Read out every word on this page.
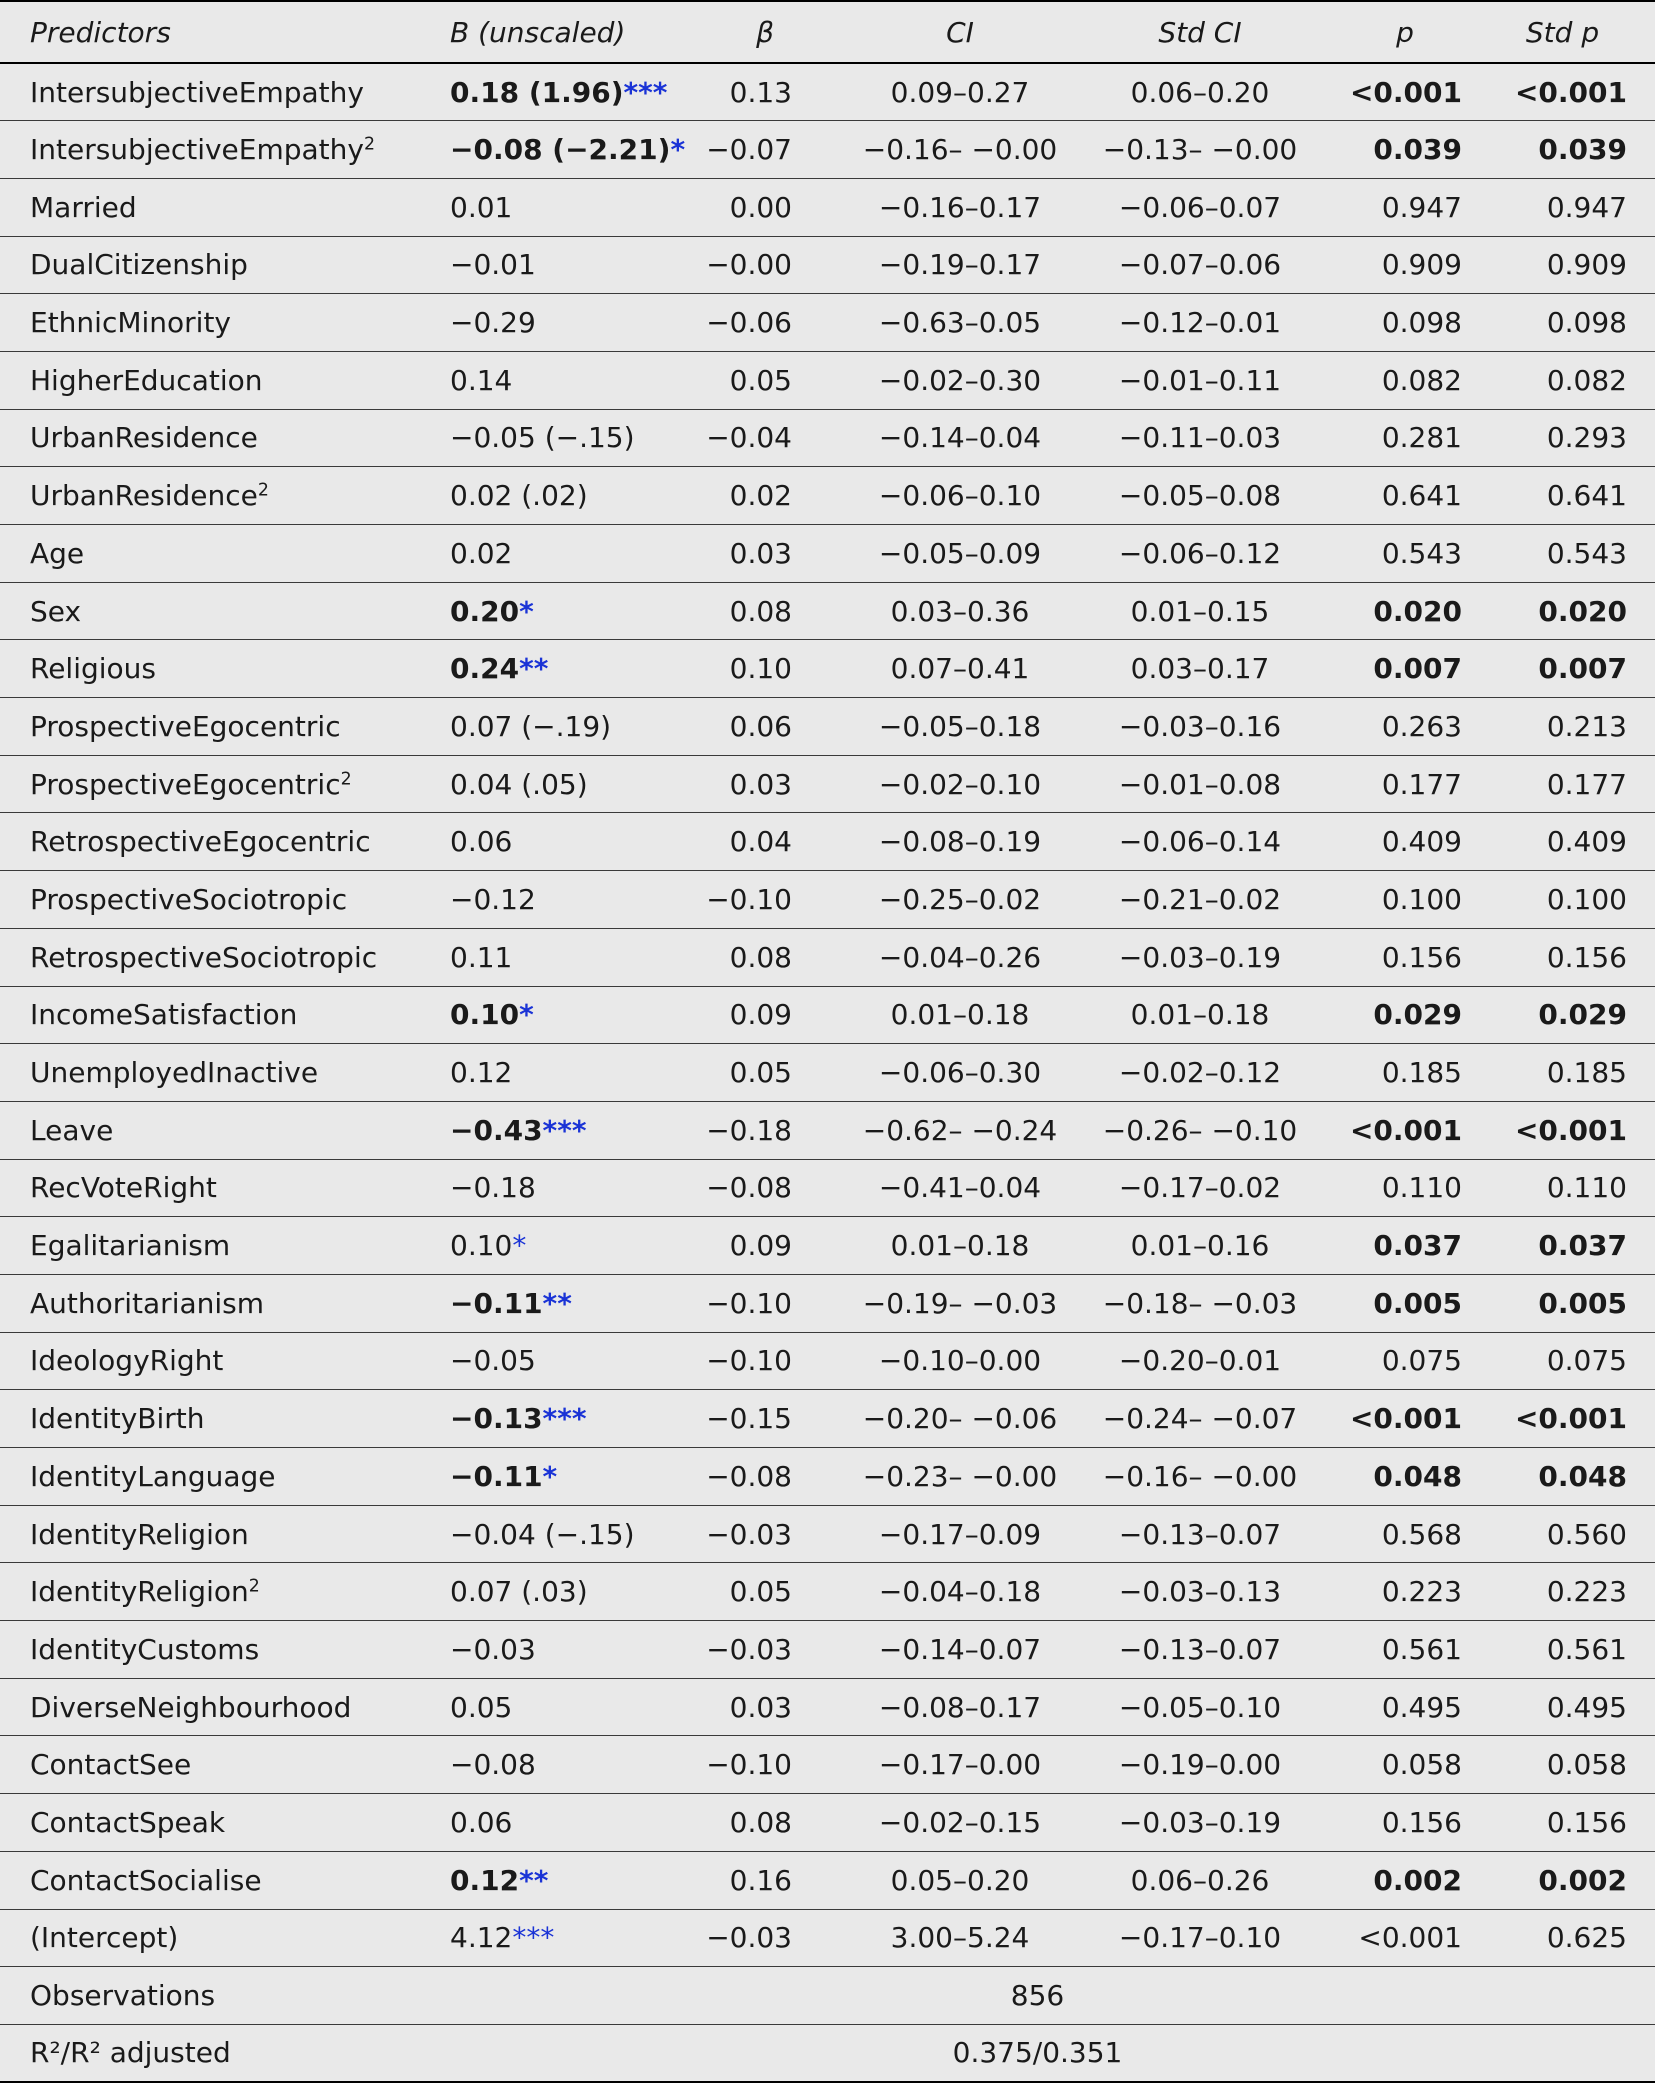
Predictors	B (unscaled)	β	CI	Std CI	p	Std p
IntersubjectiveEmpathy	0.18 (1.96)***	0.13	0.09–0.27	0.06–0.20	<0.001	<0.001
IntersubjectiveEmpathy$^2$	−0.08 (−2.21)*	−0.07	−0.16– −0.00	−0.13– −0.00	0.039	0.039
Married	0.01	0.00	−0.16–0.17	−0.06–0.07	0.947	0.947
DualCitizenship	−0.01	−0.00	−0.19–0.17	−0.07–0.06	0.909	0.909
EthnicMinority	−0.29	−0.06	−0.63–0.05	−0.12–0.01	0.098	0.098
HigherEducation	0.14	0.05	−0.02–0.30	−0.01–0.11	0.082	0.082
UrbanResidence	−0.05 (−.15)	−0.04	−0.14–0.04	−0.11–0.03	0.281	0.293
UrbanResidence$^2$	0.02 (.02)	0.02	−0.06–0.10	−0.05–0.08	0.641	0.641
Age	0.02	0.03	−0.05–0.09	−0.06–0.12	0.543	0.543
Sex	0.20*	0.08	0.03–0.36	0.01–0.15	0.020	0.020
Religious	0.24**	0.10	0.07–0.41	0.03–0.17	0.007	0.007
ProspectiveEgocentric	0.07 (−.19)	0.06	−0.05–0.18	−0.03–0.16	0.263	0.213
ProspectiveEgocentric$^2$	0.04 (.05)	0.03	−0.02–0.10	−0.01–0.08	0.177	0.177
RetrospectiveEgocentric	0.06	0.04	−0.08–0.19	−0.06–0.14	0.409	0.409
ProspectiveSociotropic	−0.12	−0.10	−0.25–0.02	−0.21–0.02	0.100	0.100
RetrospectiveSociotropic	0.11	0.08	−0.04–0.26	−0.03–0.19	0.156	0.156
IncomeSatisfaction	0.10*	0.09	0.01–0.18	0.01–0.18	0.029	0.029
UnemployedInactive	0.12	0.05	−0.06–0.30	−0.02–0.12	0.185	0.185
Leave	−0.43***	−0.18	−0.62– −0.24	−0.26– −0.10	<0.001	<0.001
RecVoteRight	−0.18	−0.08	−0.41–0.04	−0.17–0.02	0.110	0.110
Egalitarianism	0.10*	0.09	0.01–0.18	0.01–0.16	0.037	0.037
Authoritarianism	−0.11**	−0.10	−0.19– −0.03	−0.18– −0.03	0.005	0.005
IdeologyRight	−0.05	−0.10	−0.10–0.00	−0.20–0.01	0.075	0.075
IdentityBirth	−0.13***	−0.15	−0.20– −0.06	−0.24– −0.07	<0.001	<0.001
IdentityLanguage	−0.11*	−0.08	−0.23– −0.00	−0.16– −0.00	0.048	0.048
IdentityReligion	−0.04 (−.15)	−0.03	−0.17–0.09	−0.13–0.07	0.568	0.560
IdentityReligion$^2$	0.07 (.03)	0.05	−0.04–0.18	−0.03–0.13	0.223	0.223
IdentityCustoms	−0.03	−0.03	−0.14–0.07	−0.13–0.07	0.561	0.561
DiverseNeighbourhood	0.05	0.03	−0.08–0.17	−0.05–0.10	0.495	0.495
ContactSee	−0.08	−0.10	−0.17–0.00	−0.19–0.00	0.058	0.058
ContactSpeak	0.06	0.08	−0.02–0.15	−0.03–0.19	0.156	0.156
ContactSocialise	0.12**	0.16	0.05–0.20	0.06–0.26	0.002	0.002
(Intercept)	4.12***	−0.03	3.00–5.24	−0.17–0.10	<0.001	0.625
Observations	856					
R²/R² adjusted	0.375/0.351					
